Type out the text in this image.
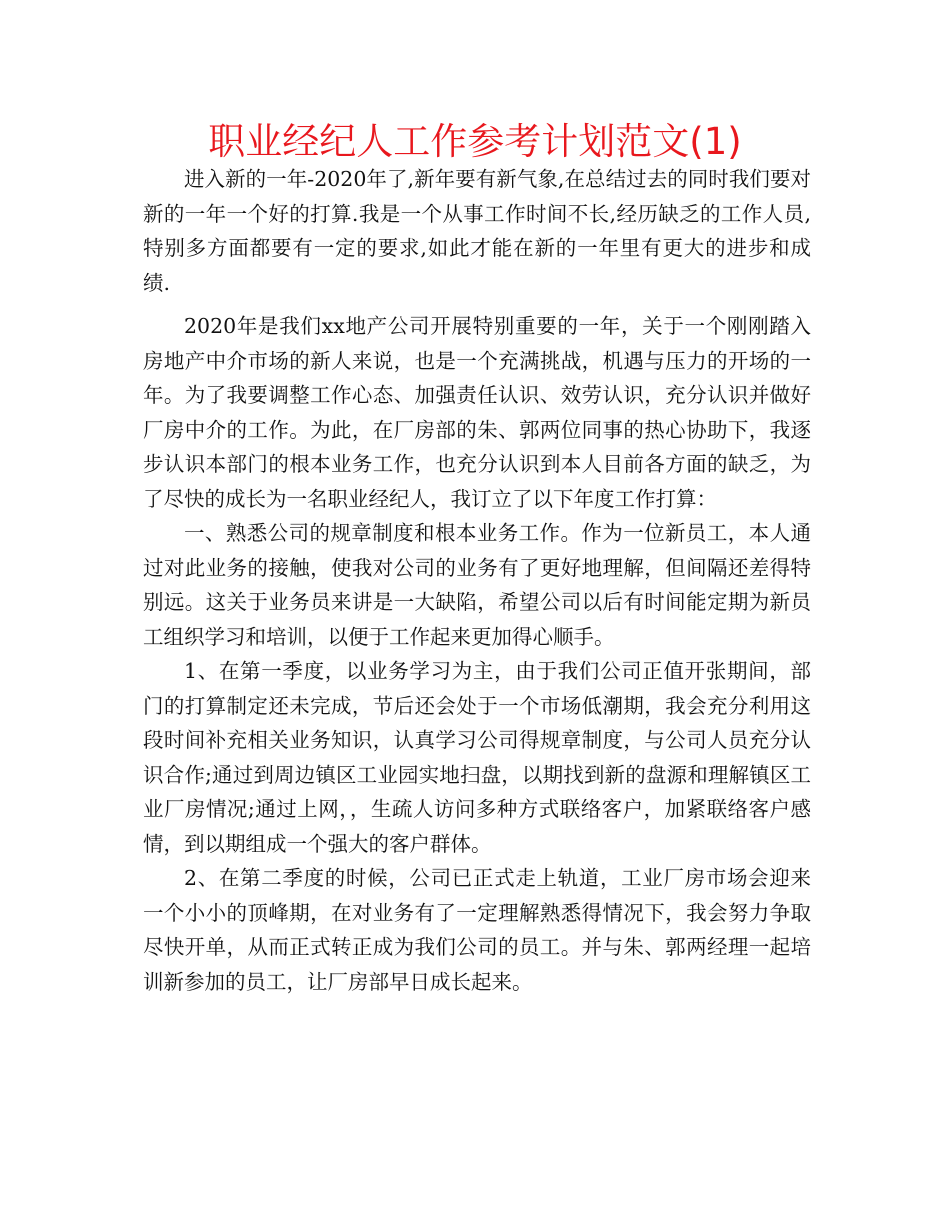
职业经纪人工作参考计划范文(1)

进入新的一年-2020年了,新年要有新气象,在总结过去的同时我们要对新的一年一个好的打算.我是一个从事工作时间不长,经历缺乏的工作人员,特别多方面都要有一定的要求,如此才能在新的一年里有更大的进步和成绩.

2020年是我们xx地产公司开展特别重要的一年，关于一个刚刚踏入房地产中介市场的新人来说，也是一个充满挑战，机遇与压力的开场的一年。为了我要调整工作心态、加强责任认识、效劳认识，充分认识并做好厂房中介的工作。为此，在厂房部的朱、郭两位同事的热心协助下，我逐步认识本部门的根本业务工作，也充分认识到本人目前各方面的缺乏，为了尽快的成长为一名职业经纪人，我订立了以下年度工作打算：

一、熟悉公司的规章制度和根本业务工作。作为一位新员工，本人通过对此业务的接触，使我对公司的业务有了更好地理解，但间隔还差得特别远。这关于业务员来讲是一大缺陷，希望公司以后有时间能定期为新员工组织学习和培训，以便于工作起来更加得心顺手。

1、在第一季度，以业务学习为主，由于我们公司正值开张期间，部门的打算制定还未完成，节后还会处于一个市场低潮期，我会充分利用这段时间补充相关业务知识，认真学习公司得规章制度，与公司人员充分认识合作;通过到周边镇区工业园实地扫盘，以期找到新的盘源和理解镇区工业厂房情况;通过上网，，生疏人访问多种方式联络客户，加紧联络客户感情，到以期组成一个强大的客户群体。

2、在第二季度的时候，公司已正式走上轨道，工业厂房市场会迎来一个小小的顶峰期，在对业务有了一定理解熟悉得情况下，我会努力争取尽快开单，从而正式转正成为我们公司的员工。并与朱、郭两经理一起培训新参加的员工，让厂房部早日成长起来。
